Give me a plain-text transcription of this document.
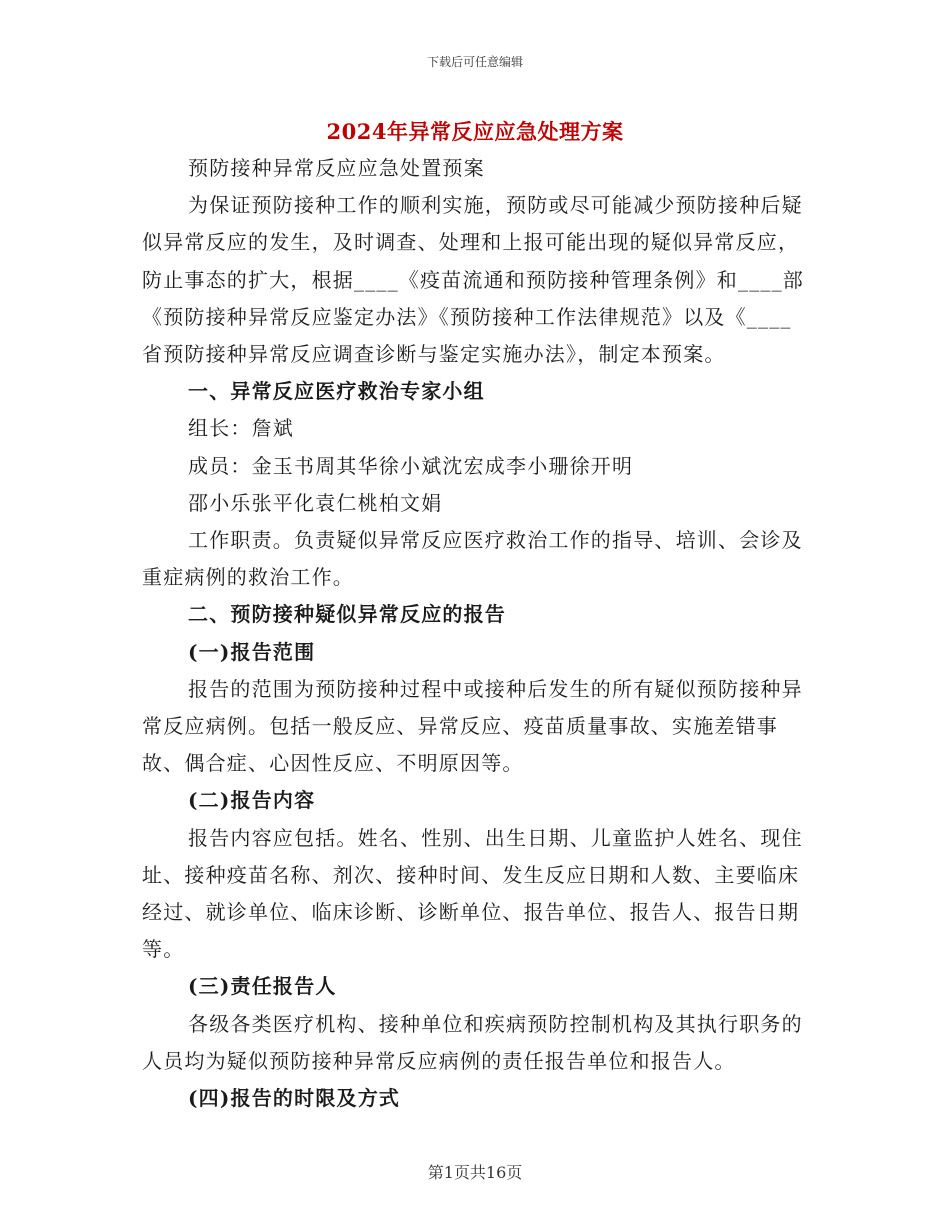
下载后可任意编辑
2024年异常反应应急处理方案

预防接种异常反应应急处置预案

为保证预防接种工作的顺利实施，预防或尽可能减少预防接种后疑似异常反应的发生，及时调查、处理和上报可能出现的疑似异常反应，防止事态的扩大，根据____《疫苗流通和预防接种管理条例》和____部《预防接种异常反应鉴定办法》《预防接种工作法律规范》以及《____省预防接种异常反应调查诊断与鉴定实施办法》，制定本预案。

一、异常反应医疗救治专家小组

组长：詹斌

成员：金玉书周其华徐小斌沈宏成李小珊徐开明

邵小乐张平化袁仁桃柏文娟

工作职责。负责疑似异常反应医疗救治工作的指导、培训、会诊及重症病例的救治工作。

二、预防接种疑似异常反应的报告

(一)报告范围

报告的范围为预防接种过程中或接种后发生的所有疑似预防接种异常反应病例。包括一般反应、异常反应、疫苗质量事故、实施差错事故、偶合症、心因性反应、不明原因等。

(二)报告内容

报告内容应包括。姓名、性别、出生日期、儿童监护人姓名、现住址、接种疫苗名称、剂次、接种时间、发生反应日期和人数、主要临床经过、就诊单位、临床诊断、诊断单位、报告单位、报告人、报告日期等。

(三)责任报告人

各级各类医疗机构、接种单位和疾病预防控制机构及其执行职务的人员均为疑似预防接种异常反应病例的责任报告单位和报告人。

(四)报告的时限及方式

第1页共16页
